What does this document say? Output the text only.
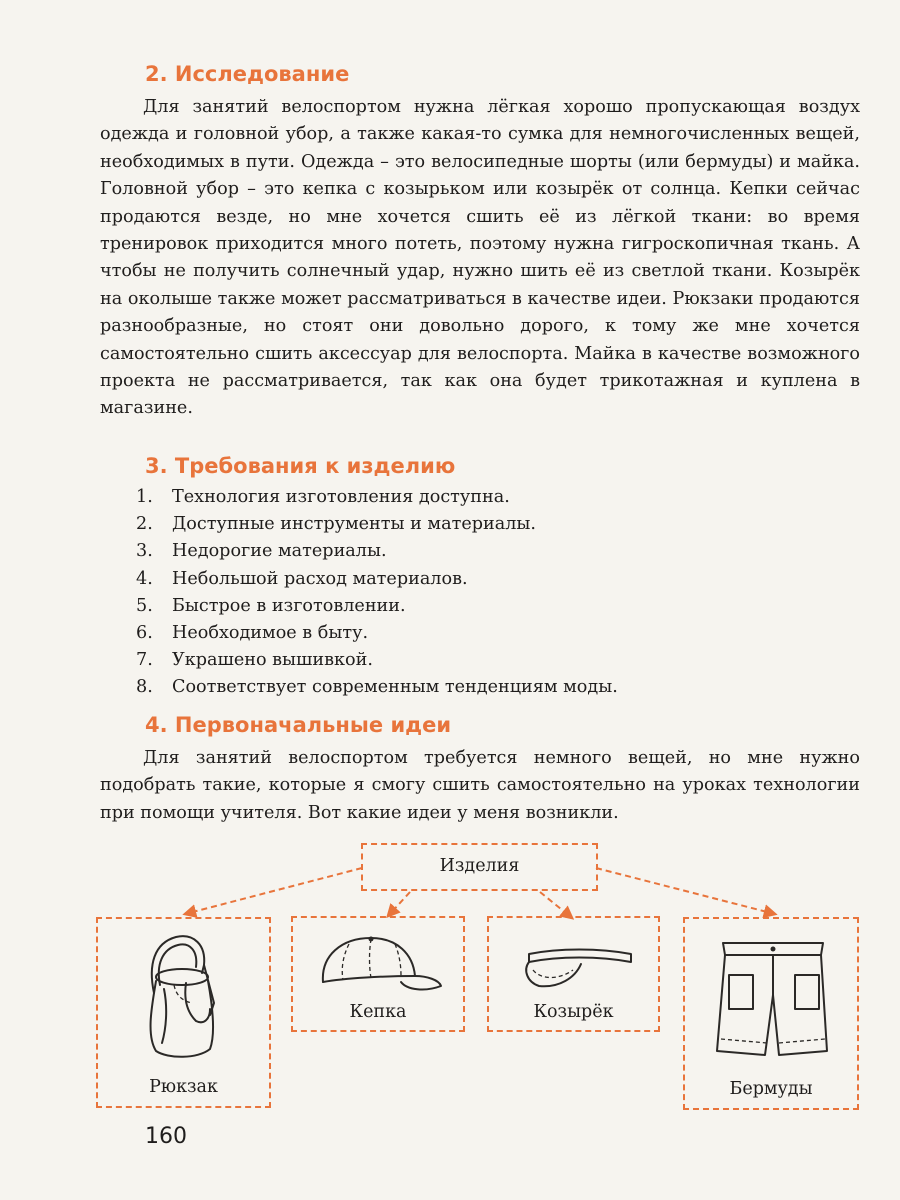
2. Исследование

Для занятий велоспортом нужна лёгкая хорошо пропускающая воздух одежда и головной убор, а также какая-то сумка для немногочисленных вещей, необходимых в пути. Одежда – это велосипедные шорты (или бермуды) и майка. Головной убор – это кепка с козырьком или козырёк от солнца. Кепки сейчас продаются везде, но мне хочется сшить её из лёгкой ткани: во время тренировок приходится много потеть, поэтому нужна гигроскопичная ткань. А чтобы не получить солнечный удар, нужно шить её из светлой ткани. Козырёк на околыше также может рассматриваться в качестве идеи. Рюкзаки продаются разнообразные, но стоят они довольно дорого, к тому же мне хочется самостоятельно сшить аксессуар для велоспорта. Майка в качестве возможного проекта не рассматривается, так как она будет трикотажная и куплена в магазине.

3. Требования к изделию
1.	Технология изготовления доступна.
2.	Доступные инструменты и материалы.
3.	Недорогие материалы.
4.	Небольшой расход материалов.
5.	Быстрое в изготовлении.
6.	Необходимое в быту.
7.	Украшено вышивкой.
8.	Соответствует современным тенденциям моды.
4. Первоначальные идеи

Для занятий велоспортом требуется немного вещей, но мне нужно подобрать такие, которые я смогу сшить самостоятельно на уроках технологии при помощи учителя. Вот какие идеи у меня возникли.

Изделия
Рюкзак
Кепка	Козырёк
Бермуды
160
